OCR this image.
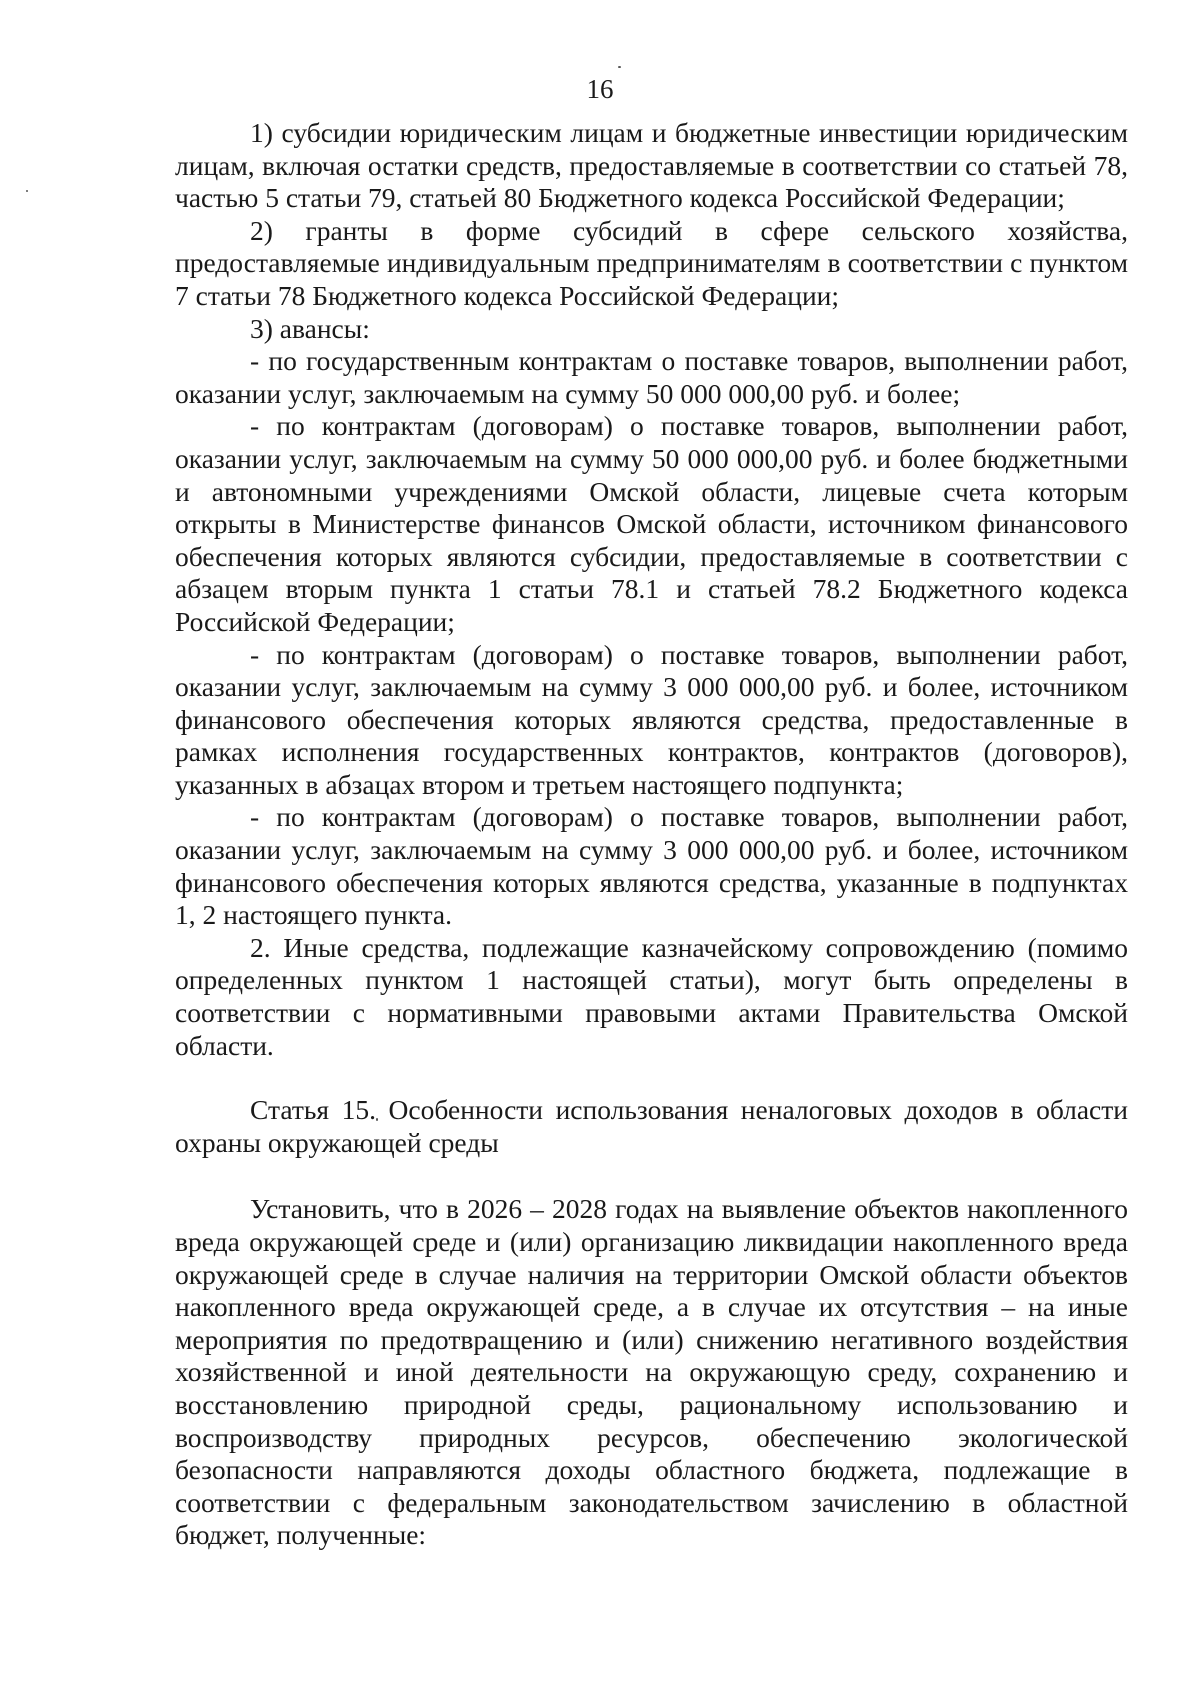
16

1) субсидии юридическим лицам и бюджетные инвестиции юридическим лицам, включая остатки средств, предоставляемые в соответствии со статьей 78, частью 5 статьи 79, статьей 80 Бюджетного кодекса Российской Федерации;

2) гранты в форме субсидий в сфере сельского хозяйства, предоставляемые индивидуальным предпринимателям в соответствии с пунктом 7 статьи 78 Бюджетного кодекса Российской Федерации;

3) авансы:

- по государственным контрактам о поставке товаров, выполнении работ, оказании услуг, заключаемым на сумму 50 000 000,00 руб. и более;

- по контрактам (договорам) о поставке товаров, выполнении работ, оказании услуг, заключаемым на сумму 50 000 000,00 руб. и более бюджетными и автономными учреждениями Омской области, лицевые счета которым открыты в Министерстве финансов Омской области, источником финансового обеспечения которых являются субсидии, предоставляемые в соответствии с абзацем вторым пункта 1 статьи 78.1 и статьей 78.2 Бюджетного кодекса Российской Федерации;

- по контрактам (договорам) о поставке товаров, выполнении работ, оказании услуг, заключаемым на сумму 3 000 000,00 руб. и более, источником финансового обеспечения которых являются средства, предоставленные в рамках исполнения государственных контрактов, контрактов (договоров), указанных в абзацах втором и третьем настоящего подпункта;

- по контрактам (договорам) о поставке товаров, выполнении работ, оказании услуг, заключаемым на сумму 3 000 000,00 руб. и более, источником финансового обеспечения которых являются средства, указанные в подпунктах 1, 2 настоящего пункта.

2. Иные средства, подлежащие казначейскому сопровождению (помимо определенных пунктом 1 настоящей статьи), могут быть определены в соответствии с нормативными правовыми актами Правительства Омской области.

Статья 15. Особенности использования неналоговых доходов в области охраны окружающей среды

Установить, что в 2026 – 2028 годах на выявление объектов накопленного вреда окружающей среде и (или) организацию ликвидации накопленного вреда окружающей среде в случае наличия на территории Омской области объектов накопленного вреда окружающей среде, а в случае их отсутствия – на иные мероприятия по предотвращению и (или) снижению негативного воздействия хозяйственной и иной деятельности на окружающую среду, сохранению и восстановлению природной среды, рациональному использованию и воспроизводству природных ресурсов, обеспечению экологической безопасности направляются доходы областного бюджета, подлежащие в соответствии с федеральным законодательством зачислению в областной бюджет, полученные:
